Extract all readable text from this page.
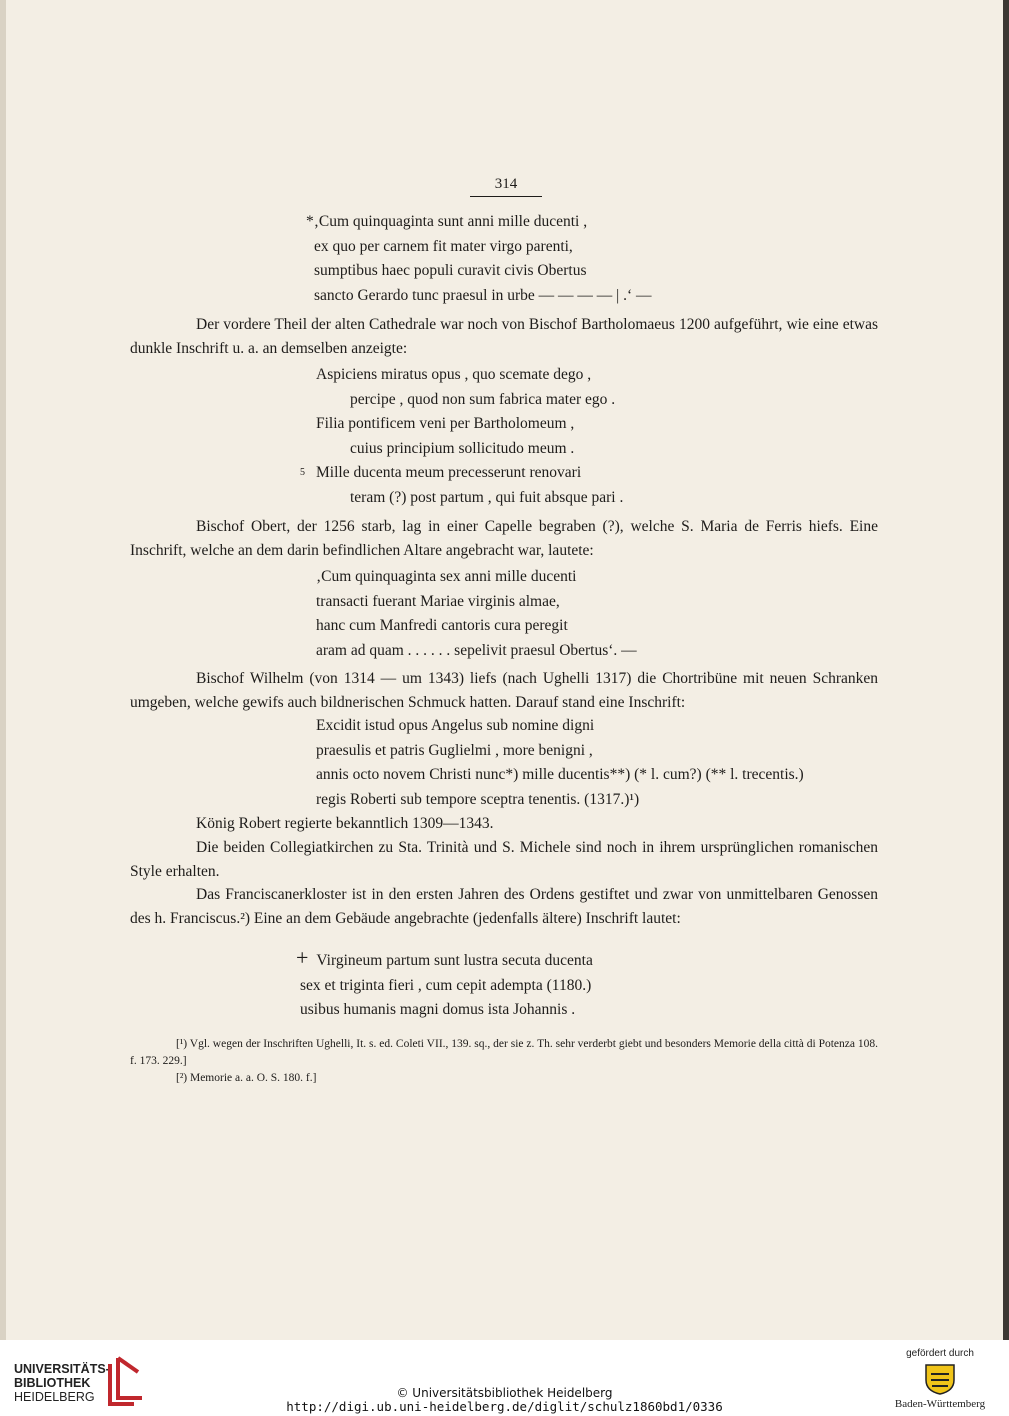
314
*‚Cum quinquaginta sunt anni mille ducenti ,
ex quo per carnem fit mater virgo parenti,
sumptibus haec populi curavit civis Obertus
sancto Gerardo tunc praesul in urbe — — — — | .‘ —
Der vordere Theil der alten Cathedrale war noch von Bischof Bartholomaeus 1200 aufgeführt, wie eine etwas dunkle Inschrift u. a. an demselben anzeigte:
Aspiciens miratus opus , quo scemate dego ,
percipe , quod non sum fabrica mater ego .
Filia pontificem veni per Bartholomeum ,
cuius principium sollicitudo meum .
5 Mille ducenta meum precesserunt renovari
teram (?) post partum , qui fuit absque pari .
Bischof Obert, der 1256 starb, lag in einer Capelle begraben (?), welche S. Maria de Ferris hiefs. Eine Inschrift, welche an dem darin befindlichen Altare angebracht war, lautete:
‚Cum quinquaginta sex anni mille ducenti
transacti fuerant Mariae virginis almae,
hanc cum Manfredi cantoris cura peregit
aram ad quam . . . . . . sepelivit praesul Obertus‘. —
Bischof Wilhelm (von 1314 — um 1343) liefs (nach Ughelli 1317) die Chortribüne mit neuen Schranken umgeben, welche gewifs auch bildnerischen Schmuck hatten. Darauf stand eine Inschrift:
Excidit istud opus Angelus sub nomine digni
praesulis et patris Guglielmi , more benigni ,
annis octo novem Christi nunc*) mille ducentis**) (* l. cum?) (** l. trecentis.)
regis Roberti sub tempore sceptra tenentis. (1317.)¹)
König Robert regierte bekanntlich 1309—1343.
Die beiden Collegiatkirchen zu Sta. Trinità und S. Michele sind noch in ihrem ursprünglichen romanischen Style erhalten.
Das Franciscanerkloster ist in den ersten Jahren des Ordens gestiftet und zwar von unmittelbaren Genossen des h. Franciscus.²) Eine an dem Gebäude angebrachte (jedenfalls ältere) Inschrift lautet:
+ Virgineum partum sunt lustra secuta ducenta
sex et triginta fieri , cum cepit adempta (1180.)
usibus humanis magni domus ista Johannis .
[¹) Vgl. wegen der Inschriften Ughelli, It. s. ed. Coleti VII., 139. sq., der sie z. Th. sehr verderbt giebt und besonders Memorie della città di Potenza 108. f. 173. 229.]
[²) Memorie a. a. O. S. 180. f.]
UNIVERSITÄTS-
BIBLIOTHEK
HEIDELBERG	© Universitätsbibliothek Heidelberg
http://digi.ub.uni-heidelberg.de/diglit/schulz1860bd1/0336
gefördert durch
Baden-Württemberg
